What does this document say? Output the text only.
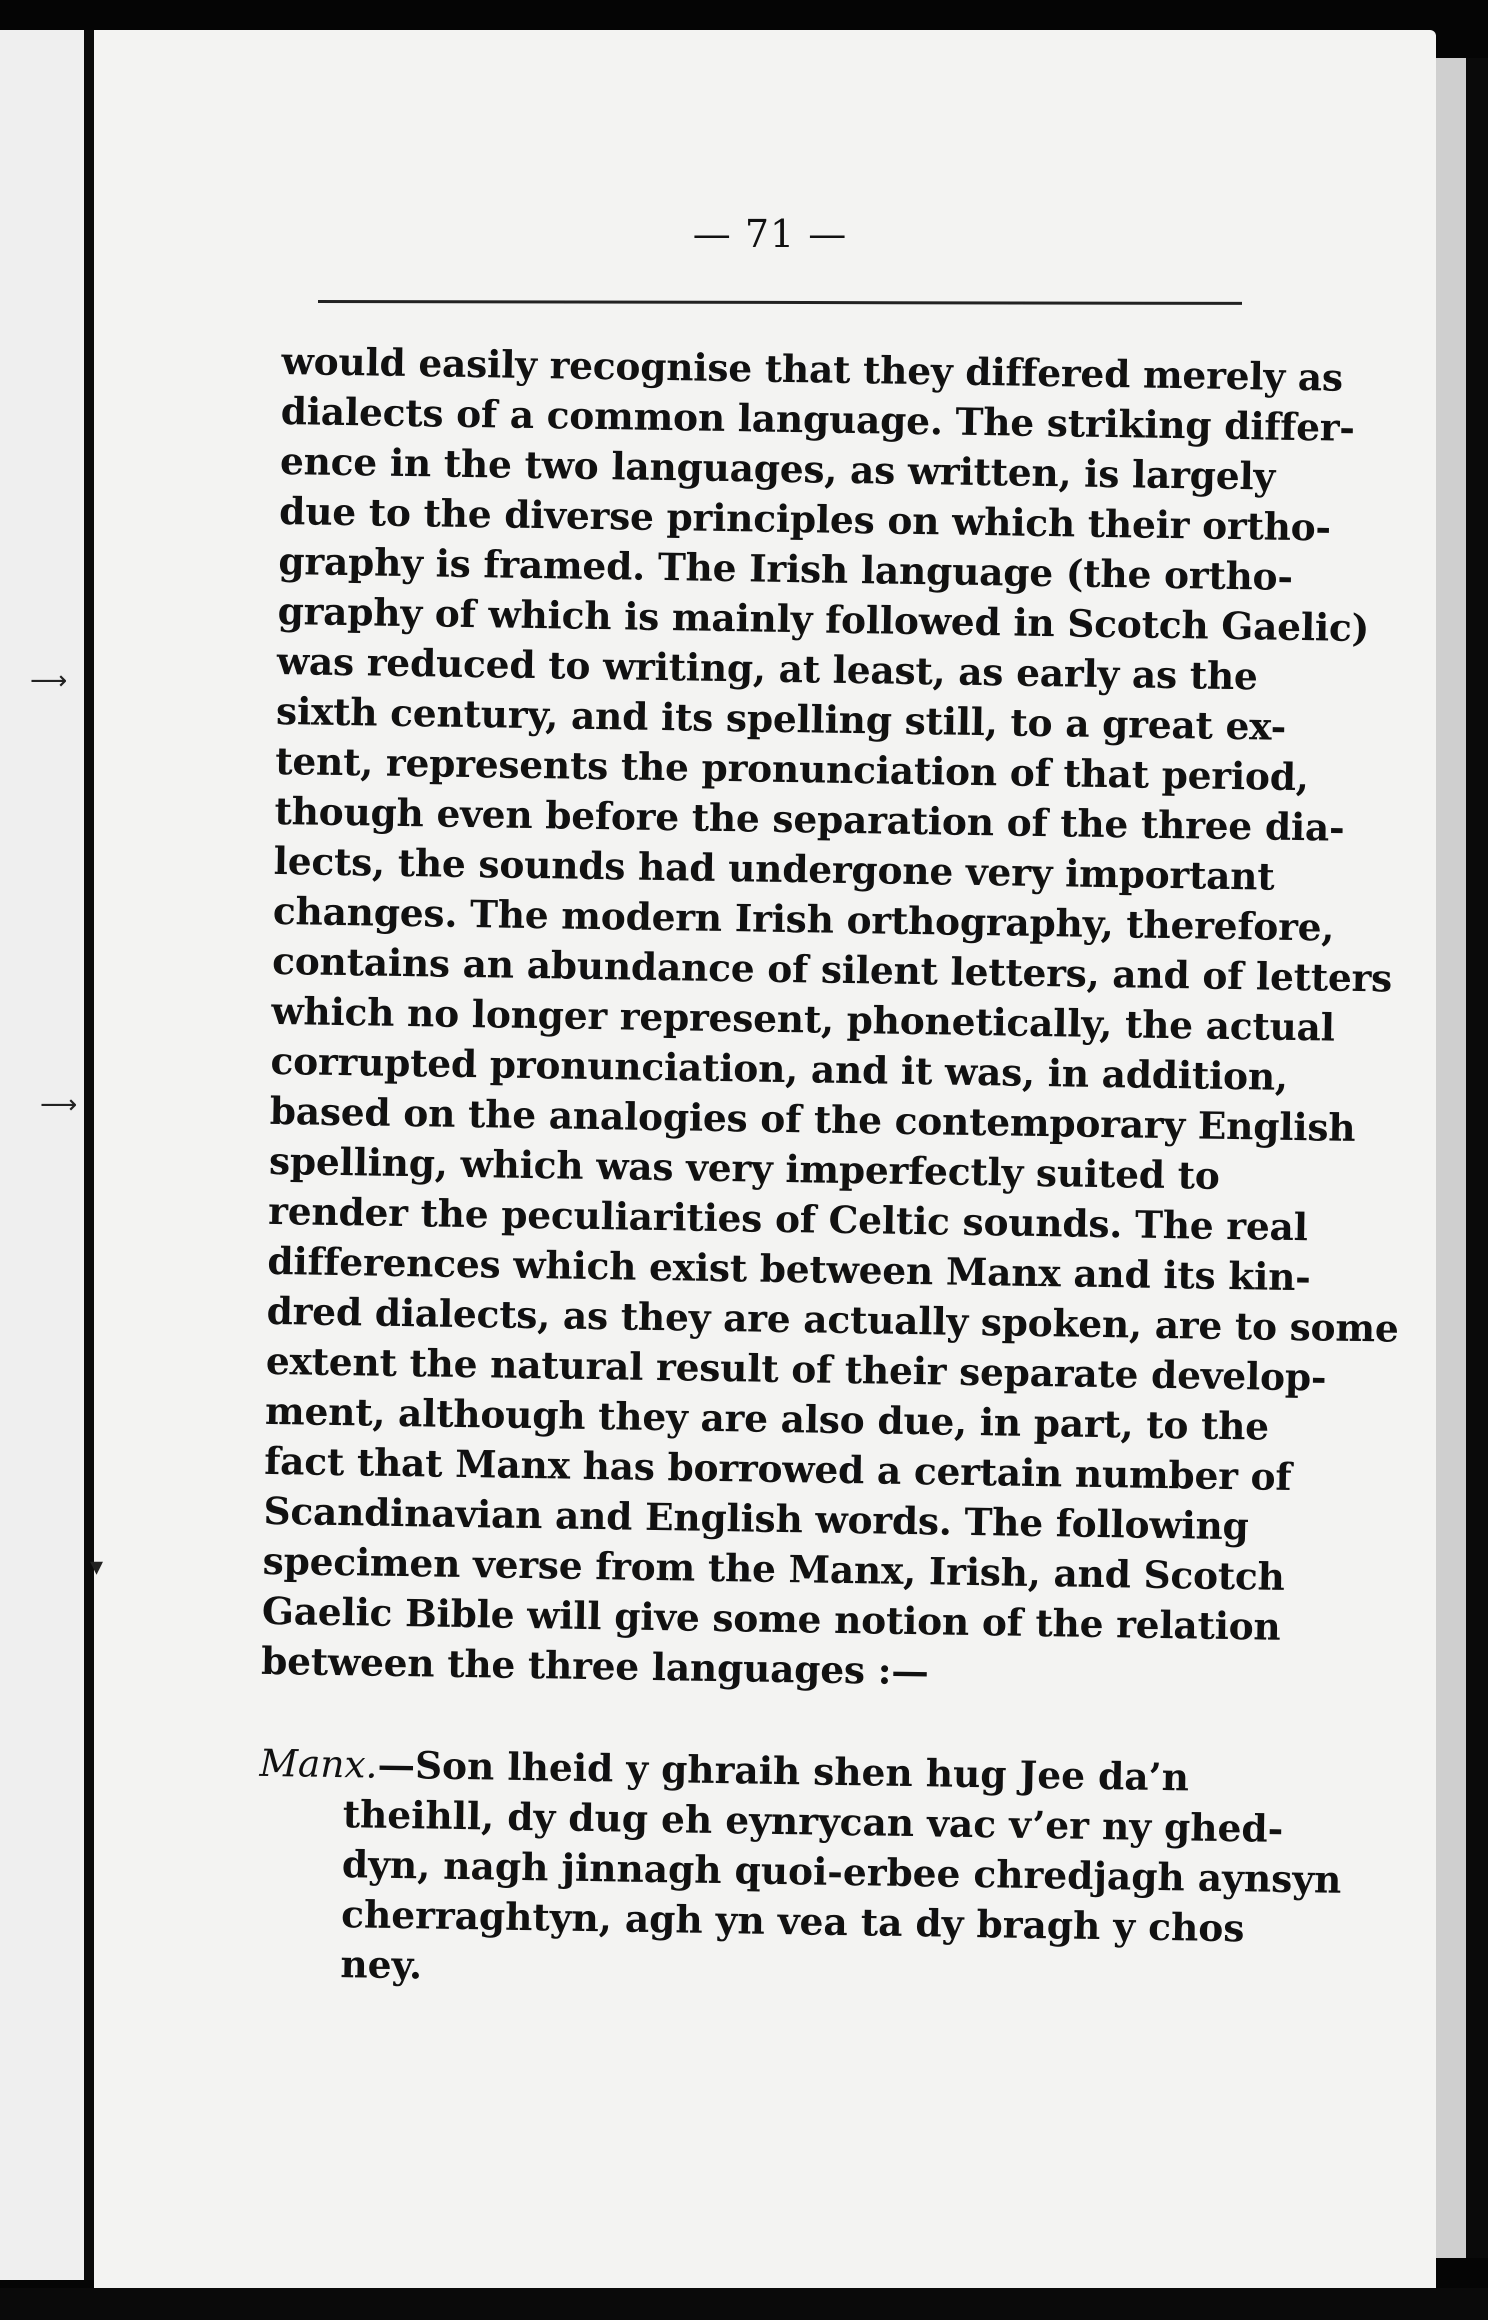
⟶
⟶
▾
— 71 —
would easily recognise that they differed merely as
dialects of a common language. The striking differ-
ence in the two languages, as written, is largely
due to the diverse principles on which their ortho-
graphy is framed. The Irish language (the ortho-
graphy of which is mainly followed in Scotch Gaelic)
was reduced to writing, at least, as early as the
sixth century, and its spelling still, to a great ex-
tent, represents the pronunciation of that period,
though even before the separation of the three dia-
lects, the sounds had undergone very important
changes. The modern Irish orthography, therefore,
contains an abundance of silent letters, and of letters
which no longer represent, phonetically, the actual
corrupted pronunciation, and it was, in addition,
based on the analogies of the contemporary English
spelling, which was very imperfectly suited to
render the peculiarities of Celtic sounds. The real
differences which exist between Manx and its kin-
dred dialects, as they are actually spoken, are to some
extent the natural result of their separate develop-
ment, although they are also due, in part, to the
fact that Manx has borrowed a certain number of
Scandinavian and English words. The following
specimen verse from the Manx, Irish, and Scotch
Gaelic Bible will give some notion of the relation
between the three languages :—
Manx.—Son lheid y ghraih shen hug Jee da’n
theihll, dy dug eh eynrycan vac v’er ny ghed-
dyn, nagh jinnagh quoi-erbee chredjagh aynsyn
cherraghtyn, agh yn vea ta dy bragh y chos
ney.
